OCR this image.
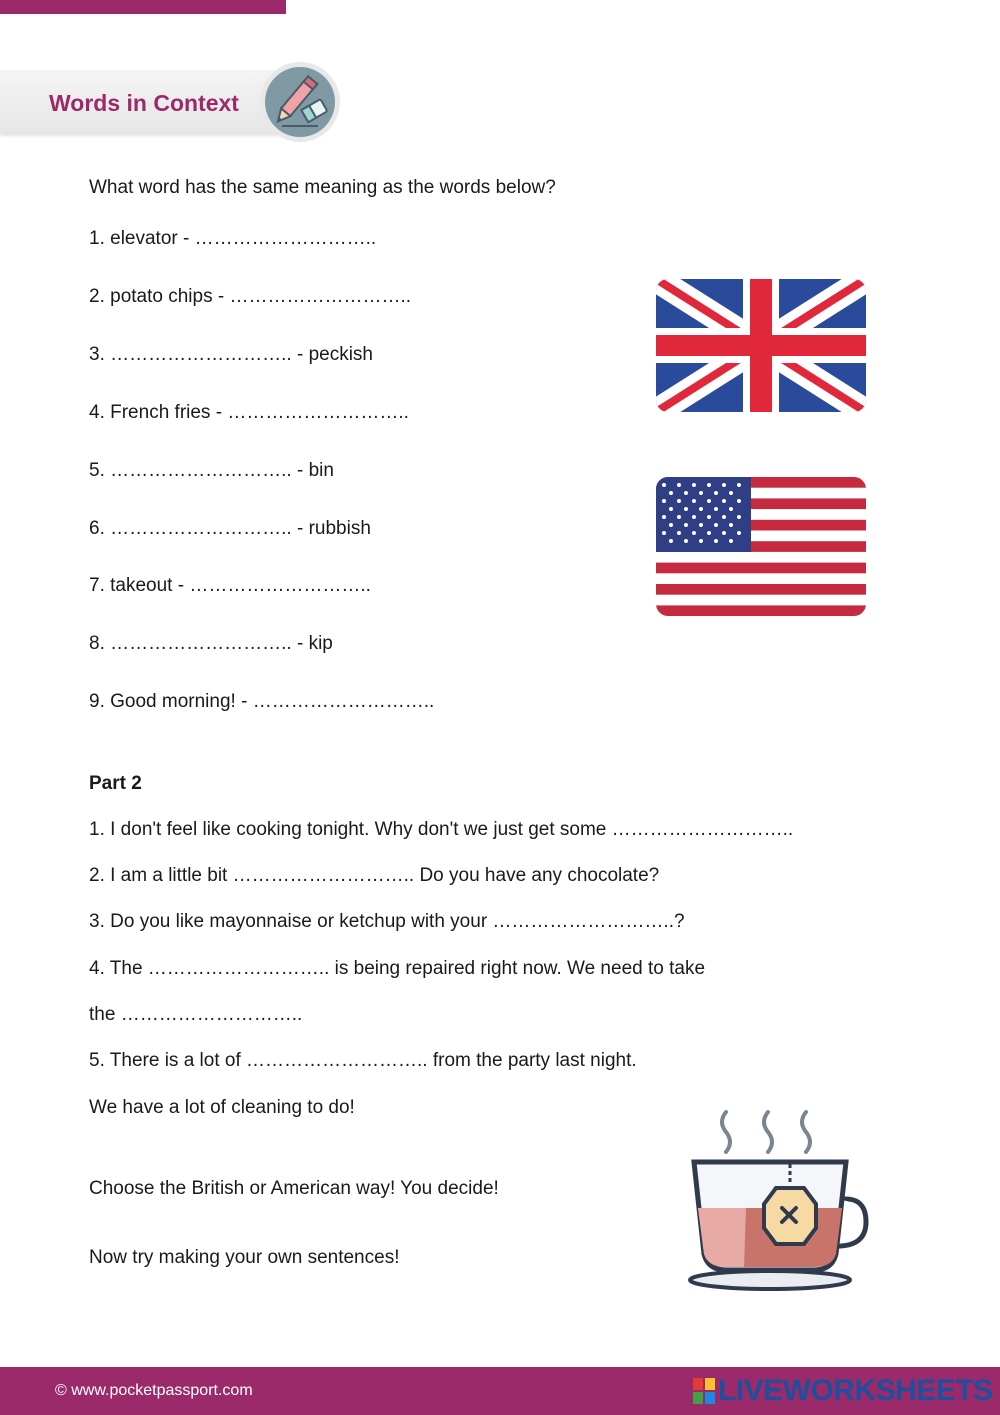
Words in Context
What word has the same meaning as the words below?
1. elevator - ………………………..
2. potato chips - ………………………..
3. ……………………….. - peckish
4. French fries - ………………………..
5. ……………………….. - bin
6. ……………………….. - rubbish
7. takeout - ………………………..
8. ……………………….. - kip
9. Good morning! - ………………………..
Part 2
1. I don't feel like cooking tonight. Why don't we just get some ………………………..
2. I am a little bit ……………………….. Do you have any chocolate?
3. Do you like mayonnaise or ketchup with your ………………………..?
4. The ……………………….. is being repaired right now. We need to take
the ………………………..
5. There is a lot of ……………………….. from the party last night.
We have a lot of cleaning to do!
Choose the British or American way! You decide!
Now try making your own sentences!
© www.pocketpassport.com	LIVEWORKSHEETS
